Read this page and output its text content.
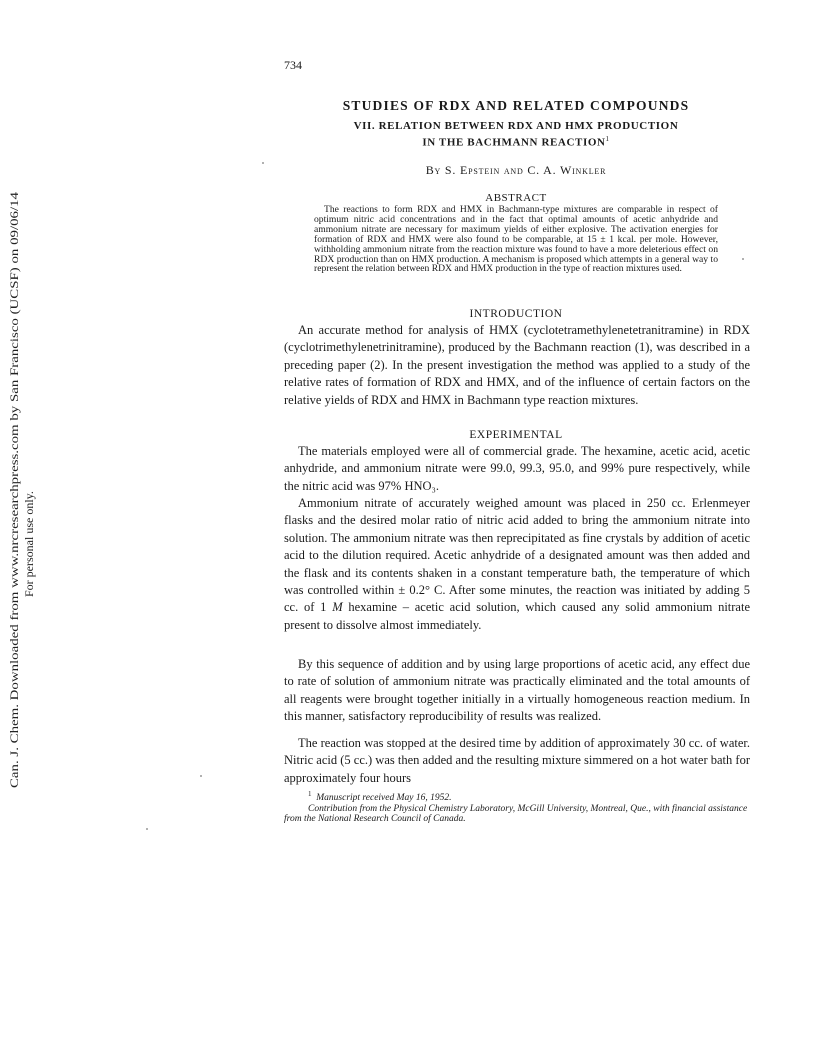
734
STUDIES OF RDX AND RELATED COMPOUNDS
VII. RELATION BETWEEN RDX AND HMX PRODUCTION
IN THE BACHMANN REACTION$^1$
By S. Epstein and C. A. Winkler
ABSTRACT
The reactions to form RDX and HMX in Bachmann-type mixtures are comparable in respect of optimum nitric acid concentrations and in the fact that optimal amounts of acetic anhydride and ammonium nitrate are necessary for maximum yields of either explosive. The activation energies for formation of RDX and HMX were also found to be comparable, at 15 ± 1 kcal. per mole. However, withholding ammonium nitrate from the reaction mixture was found to have a more deleterious effect on RDX production than on HMX production. A mechanism is proposed which attempts in a general way to represent the relation between RDX and HMX production in the type of reaction mixtures used.
INTRODUCTION
An accurate method for analysis of HMX (cyclotetramethylenetetranitramine) in RDX (cyclotrimethylenetrinitramine), produced by the Bachmann reaction (1), was described in a preceding paper (2). In the present investigation the method was applied to a study of the relative rates of formation of RDX and HMX, and of the influence of certain factors on the relative yields of RDX and HMX in Bachmann type reaction mixtures.
EXPERIMENTAL
The materials employed were all of commercial grade. The hexamine, acetic acid, acetic anhydride, and ammonium nitrate were 99.0, 99.3, 95.0, and 99% pure respectively, while the nitric acid was 97% HNO₃.
Ammonium nitrate of accurately weighed amount was placed in 250 cc. Erlenmeyer flasks and the desired molar ratio of nitric acid added to bring the ammonium nitrate into solution. The ammonium nitrate was then reprecipitated as fine crystals by addition of acetic acid to the dilution required. Acetic anhydride of a designated amount was then added and the flask and its contents shaken in a constant temperature bath, the temperature of which was controlled within ± 0.2° C. After some minutes, the reaction was initiated by adding 5 cc. of 1 M hexamine – acetic acid solution, which caused any solid ammonium nitrate present to dissolve almost immediately.
By this sequence of addition and by using large proportions of acetic acid, any effect due to rate of solution of ammonium nitrate was practically eliminated and the total amounts of all reagents were brought together initially in a virtually homogeneous reaction medium. In this manner, satisfactory reproducibility of results was realized.
The reaction was stopped at the desired time by addition of approximately 30 cc. of water. Nitric acid (5 cc.) was then added and the resulting mixture simmered on a hot water bath for approximately four hours
$^1$ Manuscript received May 16, 1952.
Contribution from the Physical Chemistry Laboratory, McGill University, Montreal, Que., with financial assistance from the National Research Council of Canada.
Can. J. Chem. Downloaded from www.nrcresearchpress.com by San Francisco (UCSF) on 09/06/14 For personal use only.
